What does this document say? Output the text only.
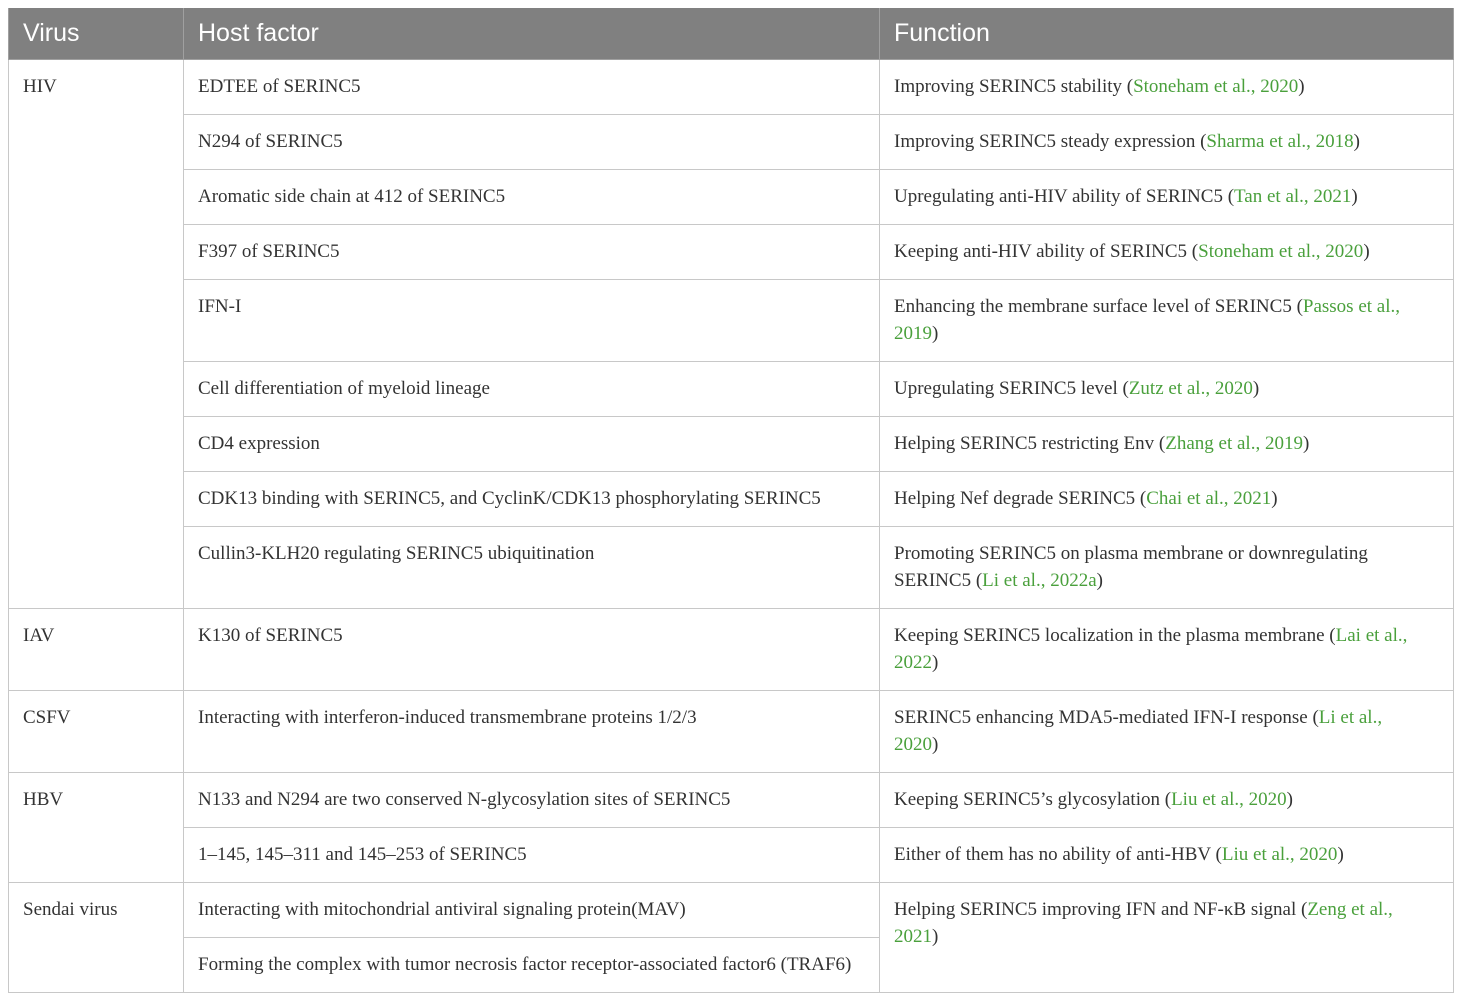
Virus	Host factor	Function
HIV	EDTEE of SERINC5	Improving SERINC5 stability (Stoneham et al., 2020)
	N294 of SERINC5	Improving SERINC5 steady expression (Sharma et al., 2018)
	Aromatic side chain at 412 of SERINC5	Upregulating anti-HIV ability of SERINC5 (Tan et al., 2021)
	F397 of SERINC5	Keeping anti-HIV ability of SERINC5 (Stoneham et al., 2020)
	IFN-I	Enhancing the membrane surface level of SERINC5 (Passos et al., 2019)
	Cell differentiation of myeloid lineage	Upregulating SERINC5 level (Zutz et al., 2020)
	CD4 expression	Helping SERINC5 restricting Env (Zhang et al., 2019)
	CDK13 binding with SERINC5, and CyclinK/CDK13 phosphorylating SERINC5	Helping Nef degrade SERINC5 (Chai et al., 2021)
	Cullin3-KLH20 regulating SERINC5 ubiquitination	Promoting SERINC5 on plasma membrane or downregulating SERINC5 (Li et al., 2022a)
IAV	K130 of SERINC5	Keeping SERINC5 localization in the plasma membrane (Lai et al., 2022)
CSFV	Interacting with interferon-induced transmembrane proteins 1/2/3	SERINC5 enhancing MDA5-mediated IFN-I response (Li et al., 2020)
HBV	N133 and N294 are two conserved N-glycosylation sites of SERINC5	Keeping SERINC5’s glycosylation (Liu et al., 2020)
	1–145, 145–311 and 145–253 of SERINC5	Either of them has no ability of anti-HBV (Liu et al., 2020)
Sendai virus	Interacting with mitochondrial antiviral signaling protein(MAV)	Helping SERINC5 improving IFN and NF-κB signal (Zeng et al., 2021)
	Forming the complex with tumor necrosis factor receptor-associated factor6 (TRAF6)	
